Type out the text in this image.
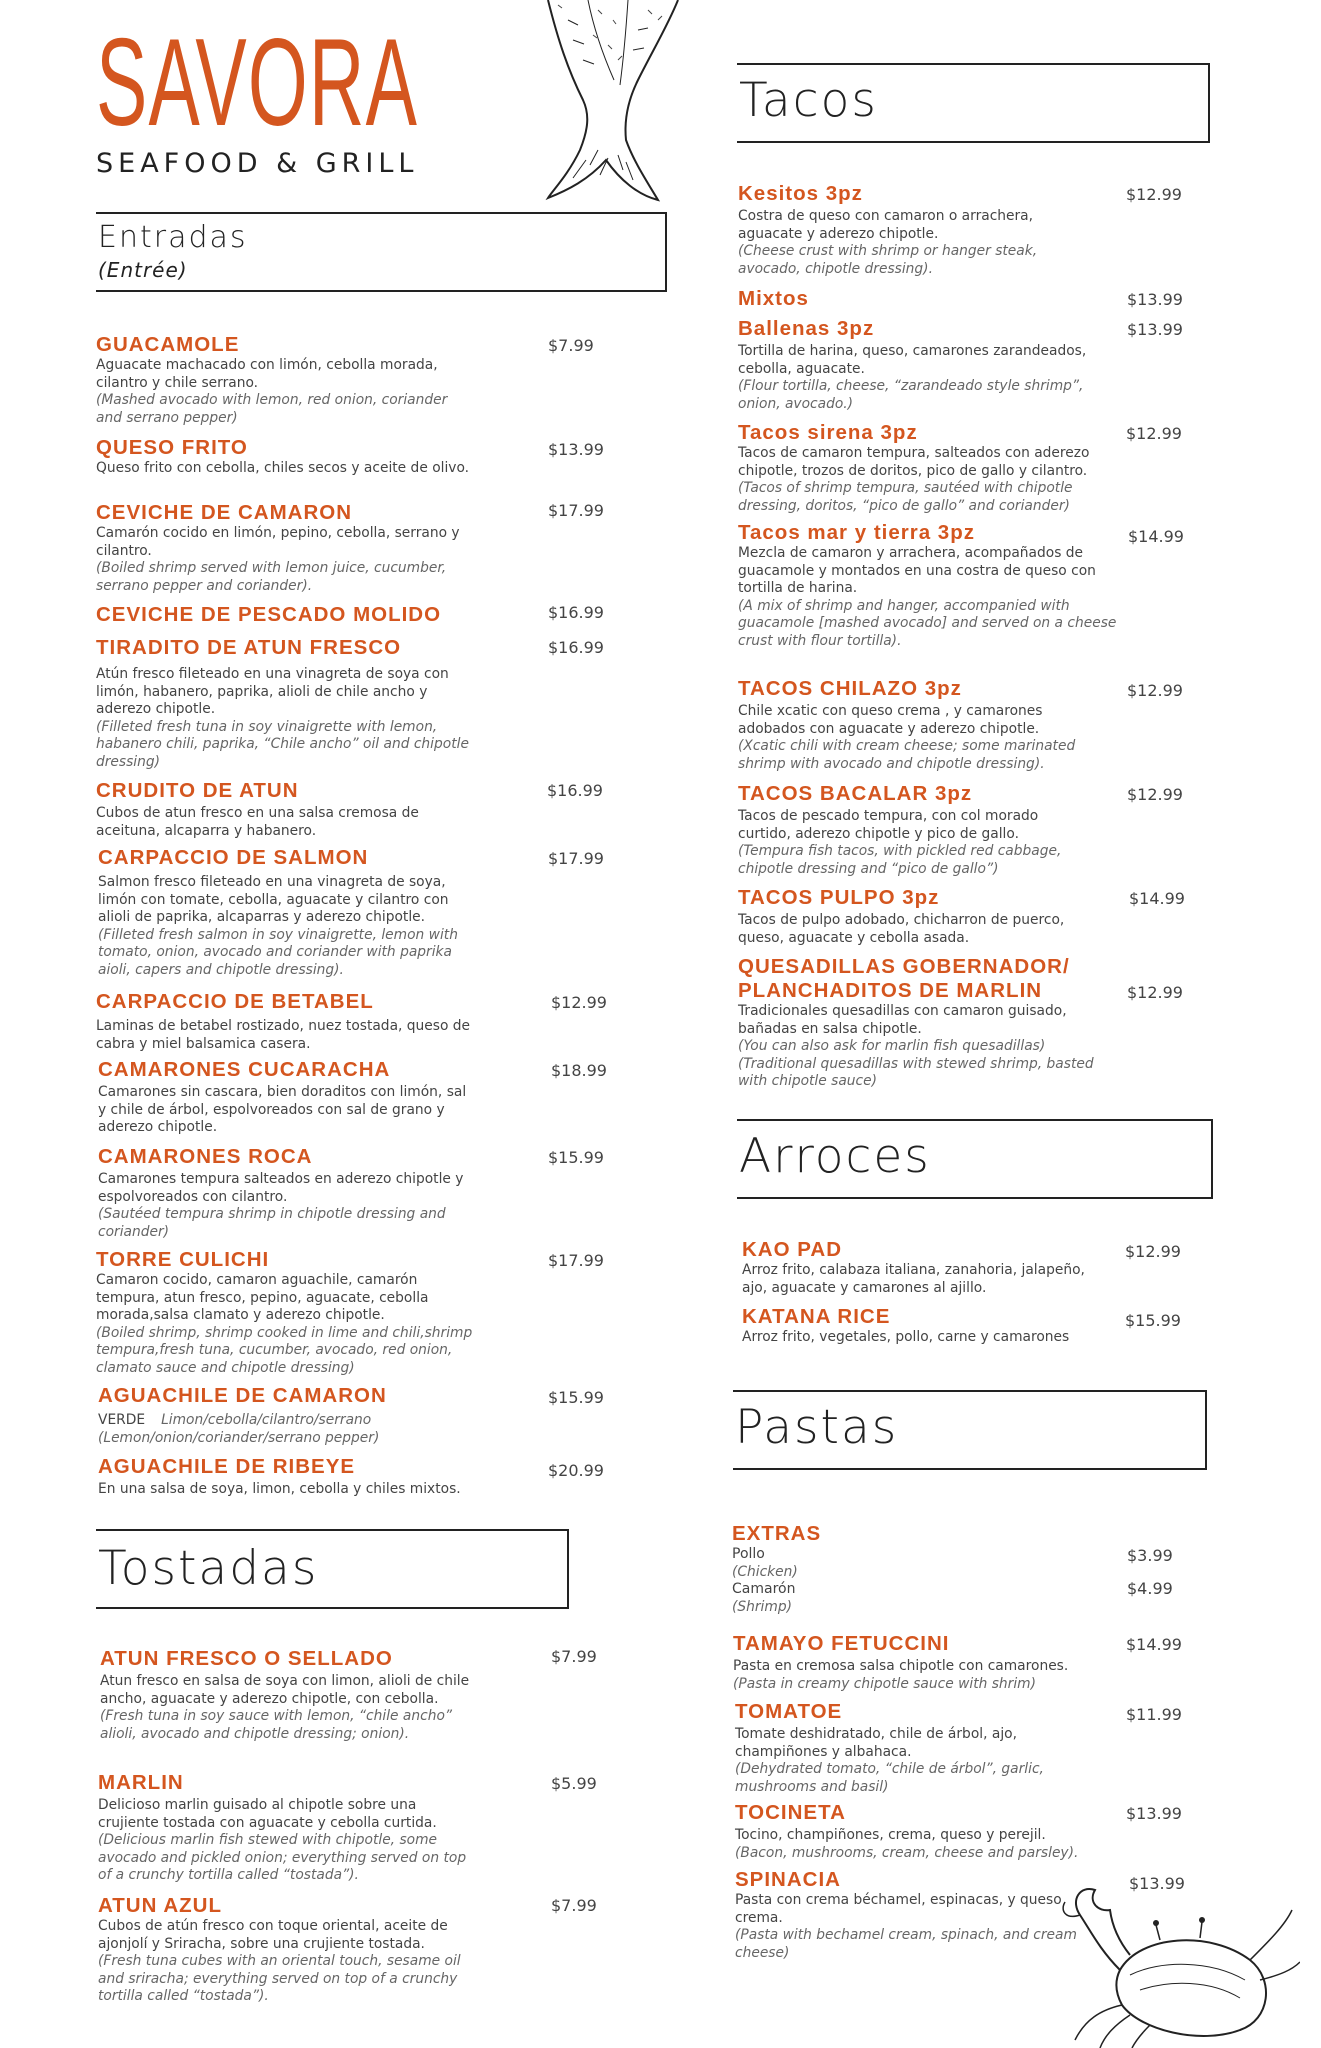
SAVORA
SEAFOOD & GRILL
Entradas
(Entrée)
Tostadas
Tacos
Arroces
Pastas
GUACAMOLE
Aguacate machacado con limón, cebolla morada, cilantro y chile serrano.
(Mashed avocado with lemon, red onion, coriander and serrano pepper)
$7.99
QUESO FRITO
Queso frito con cebolla, chiles secos y aceite de olivo.
$13.99
CEVICHE DE CAMARON
Camarón cocido en limón, pepino, cebolla, serrano y cilantro.
(Boiled shrimp served with lemon juice, cucumber, serrano pepper and coriander).
$17.99
CEVICHE DE PESCADO MOLIDO	$16.99
TIRADITO DE ATUN FRESCO
Atún fresco fileteado en una vinagreta de soya con limón, habanero, paprika, alioli de chile ancho y aderezo chipotle.
(Filleted fresh tuna in soy vinaigrette with lemon, habanero chili, paprika, “Chile ancho” oil and chipotle dressing)
$16.99
CRUDITO DE ATUN
Cubos de atun fresco en una salsa cremosa de aceituna, alcaparra y habanero.
$16.99
CARPACCIO DE SALMON
Salmon fresco fileteado en una vinagreta de soya, limón con tomate, cebolla, aguacate y cilantro con alioli de paprika, alcaparras y aderezo chipotle.
(Filleted fresh salmon in soy vinaigrette, lemon with tomato, onion, avocado and coriander with paprika aioli, capers and chipotle dressing).
$17.99
CARPACCIO DE BETABEL
Laminas de betabel rostizado, nuez tostada, queso de cabra y miel balsamica casera.
$12.99
CAMARONES CUCARACHA
Camarones sin cascara, bien doraditos con limón, sal y chile de árbol, espolvoreados con sal de grano y aderezo chipotle.
$18.99
CAMARONES ROCA
Camarones tempura salteados en aderezo chipotle y espolvoreados con cilantro.
(Sautéed tempura shrimp in chipotle dressing and coriander)
$15.99
TORRE CULICHI
Camaron cocido, camaron aguachile, camarón tempura, atun fresco, pepino, aguacate, cebolla morada,salsa clamato y aderezo chipotle.
(Boiled shrimp, shrimp cooked in lime and chili,shrimp tempura,fresh tuna, cucumber, avocado, red onion, clamato sauce and chipotle dressing)
$17.99
AGUACHILE DE CAMARON
VERDE Limon/cebolla/cilantro/serrano
(Lemon/onion/coriander/serrano pepper)
$15.99
AGUACHILE DE RIBEYE
En una salsa de soya, limon, cebolla y chiles mixtos.
$20.99
ATUN FRESCO O SELLADO
Atun fresco en salsa de soya con limon, alioli de chile ancho, aguacate y aderezo chipotle, con cebolla.
(Fresh tuna in soy sauce with lemon, “chile ancho” alioli, avocado and chipotle dressing; onion).
$7.99
MARLIN
Delicioso marlin guisado al chipotle sobre una crujiente tostada con aguacate y cebolla curtida.
(Delicious marlin fish stewed with chipotle, some avocado and pickled onion; everything served on top of a crunchy tortilla called “tostada”).
$5.99
ATUN AZUL
Cubos de atún fresco con toque oriental, aceite de ajonjolí y Sriracha, sobre una crujiente tostada.
(Fresh tuna cubes with an oriental touch, sesame oil and sriracha; everything served on top of a crunchy tortilla called “tostada”).
$7.99
Kesitos 3pz
Costra de queso con camaron o arrachera, aguacate y aderezo chipotle.
(Cheese crust with shrimp or hanger steak, avocado, chipotle dressing).
$12.99
Mixtos	$13.99
Ballenas 3pz
Tortilla de harina, queso, camarones zarandeados, cebolla, aguacate.
(Flour tortilla, cheese, “zarandeado style shrimp”, onion, avocado.)
$13.99
Tacos sirena 3pz
Tacos de camaron tempura, salteados con aderezo chipotle, trozos de doritos, pico de gallo y cilantro.
(Tacos of shrimp tempura, sautéed with chipotle dressing, doritos, “pico de gallo” and coriander)
$12.99
Tacos mar y tierra 3pz
Mezcla de camaron y arrachera, acompañados de guacamole y montados en una costra de queso con tortilla de harina.
(A mix of shrimp and hanger, accompanied with guacamole [mashed avocado] and served on a cheese crust with flour tortilla).
$14.99
TACOS CHILAZO 3pz
Chile xcatic con queso crema , y camarones adobados con aguacate y aderezo chipotle.
(Xcatic chili with cream cheese; some marinated shrimp with avocado and chipotle dressing).
$12.99
TACOS BACALAR 3pz
Tacos de pescado tempura, con col morado curtido, aderezo chipotle y pico de gallo.
(Tempura fish tacos, with pickled red cabbage, chipotle dressing and “pico de gallo”)
$12.99
TACOS PULPO 3pz
Tacos de pulpo adobado, chicharron de puerco, queso, aguacate y cebolla asada.
$14.99
QUESADILLAS GOBERNADOR/
PLANCHADITOS DE MARLIN
Tradicionales quesadillas con camaron guisado, bañadas en salsa chipotle.
(You can also ask for marlin fish quesadillas) (Traditional quesadillas with stewed shrimp, basted with chipotle sauce)
$12.99
KAO PAD
Arroz frito, calabaza italiana, zanahoria, jalapeño, ajo, aguacate y camarones al ajillo.
$12.99
KATANA RICE
Arroz frito, vegetales, pollo, carne y camarones
$15.99
EXTRAS
Pollo
(Chicken)
Camarón
(Shrimp)
$3.99
$4.99
TAMAYO FETUCCINI
Pasta en cremosa salsa chipotle con camarones.
(Pasta in creamy chipotle sauce with shrim)
$14.99
TOMATOE
Tomate deshidratado, chile de árbol, ajo, champiñones y albahaca.
(Dehydrated tomato, “chile de árbol”, garlic, mushrooms and basil)
$11.99
TOCINETA
Tocino, champiñones, crema, queso y perejil.
(Bacon, mushrooms, cream, cheese and parsley).
$13.99
SPINACIA
Pasta con crema béchamel, espinacas, y queso crema.
(Pasta with bechamel cream, spinach, and cream cheese)
$13.99
